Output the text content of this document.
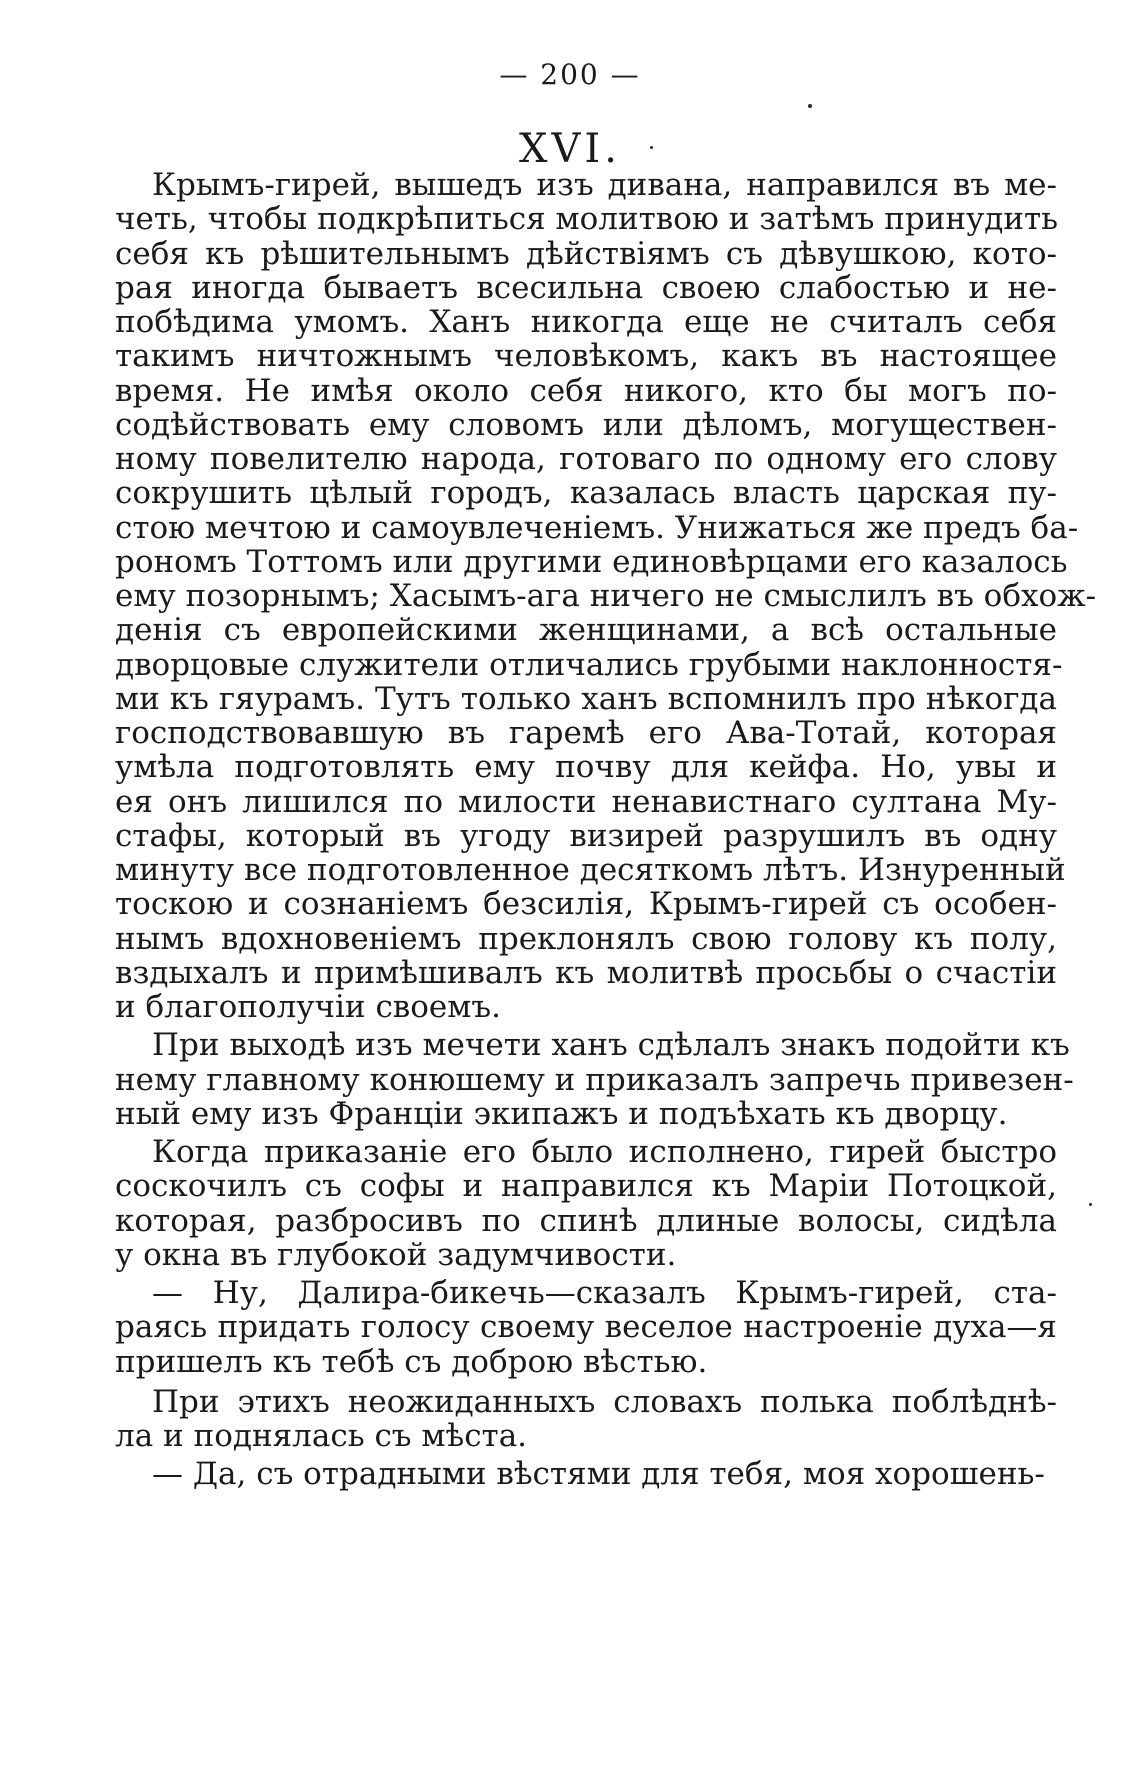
— 200 —
XVI.
Крымъ-гирей, вышедъ изъ дивана, направился въ ме-
четь, чтобы подкрѣпиться молитвою и затѣмъ принудить
себя къ рѣшительнымъ дѣйствіямъ съ дѣвушкою, кото-
рая иногда бываетъ всесильна своею слабостью и не-
побѣдима умомъ. Ханъ никогда еще не считалъ себя
такимъ ничтожнымъ человѣкомъ, какъ въ настоящее
время. Не имѣя около себя никого, кто бы могъ по-
содѣйствовать ему словомъ или дѣломъ, могуществен-
ному повелителю народа, готоваго по одному его слову
сокрушить цѣлый городъ, казалась власть царская пу-
стою мечтою и самоувлеченіемъ. Унижаться же предъ ба-
рономъ Тоттомъ или другими единовѣрцами его казалось
ему позорнымъ; Хасымъ-ага ничего не смыслилъ въ обхож-
денія съ европейскими женщинами, а всѣ остальные
дворцовые служители отличались грубыми наклонностя-
ми къ гяурамъ. Тутъ только ханъ вспомнилъ про нѣкогда
господствовавшую въ гаремѣ его Ава-Тотай, которая
умѣла подготовлять ему почву для кейфа. Но, увы и
ея онъ лишился по милости ненавистнаго султана Му-
стафы, который въ угоду визирей разрушилъ въ одну
минуту все подготовленное десяткомъ лѣтъ. Изнуренный
тоскою и сознаніемъ безсилія, Крымъ-гирей съ особен-
нымъ вдохновеніемъ преклонялъ свою голову къ полу,
вздыхалъ и примѣшивалъ къ молитвѣ просьбы о счастіи
и благополучіи своемъ.
При выходѣ изъ мечети ханъ сдѣлалъ знакъ подойти къ
нему главному конюшему и приказалъ запречь привезен-
ный ему изъ Франціи экипажъ и подъѣхать къ дворцу.
Когда приказаніе его было исполнено, гирей быстро
соскочилъ съ софы и направился къ Маріи Потоцкой,
которая, разбросивъ по спинѣ длиные волосы, сидѣла
у окна въ глубокой задумчивости.
— Ну, Далира-бикечь—сказалъ Крымъ-гирей, ста-
раясь придать голосу своему веселое настроеніе духа—я
пришелъ къ тебѣ съ доброю вѣстью.
При этихъ неожиданныхъ словахъ полька поблѣднѣ-
ла и поднялась съ мѣста.
— Да, съ отрадными вѣстями для тебя, моя хорошень-
